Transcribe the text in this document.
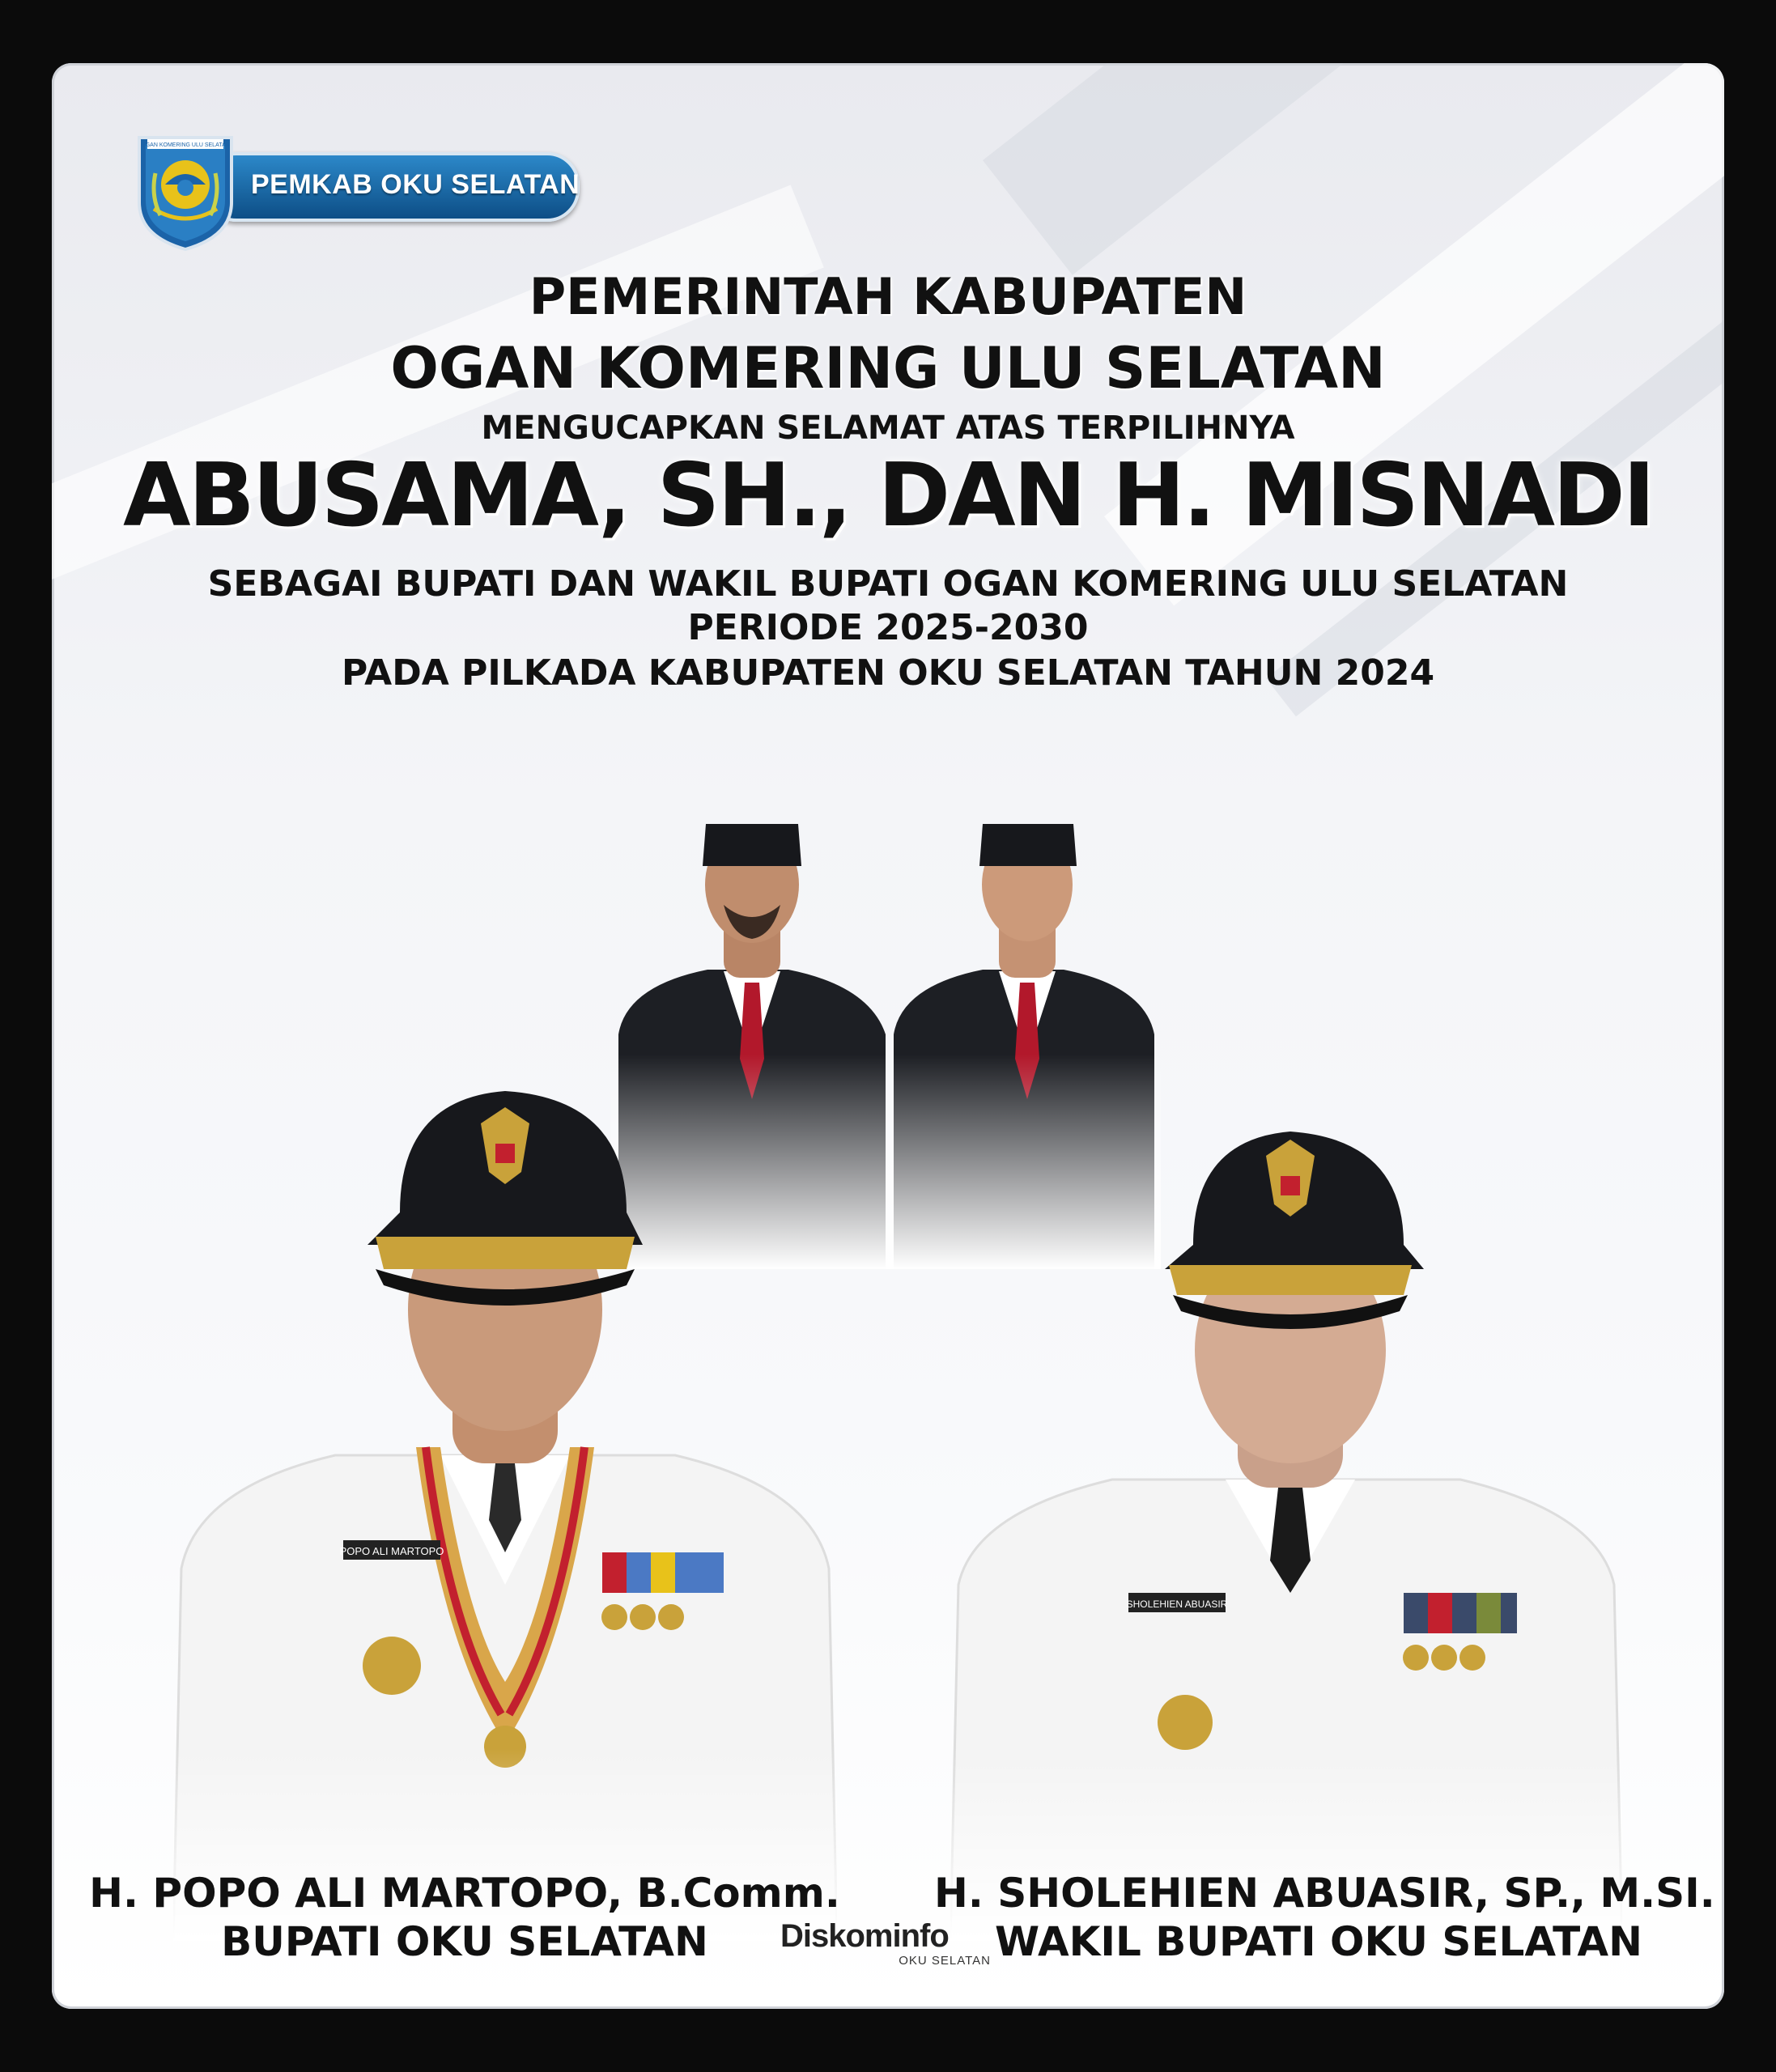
PEMKAB OKU SELATAN
OGAN KOMERING ULU SELATAN
PEMERINTAH KABUPATEN
OGAN KOMERING ULU SELATAN
MENGUCAPKAN SELAMAT ATAS TERPILIHNYA
ABUSAMA, SH., DAN H. MISNADI
SEBAGAI BUPATI DAN WAKIL BUPATI OGAN KOMERING ULU SELATAN
PERIODE 2025-2030
PADA PILKADA KABUPATEN OKU SELATAN TAHUN 2024
H. POPO ALI MARTOPO, B.Comm.
BUPATI OKU SELATAN
H. SHOLEHIEN ABUASIR, SP., M.SI.
WAKIL BUPATI OKU SELATAN
Diskominfo
OKU SELATAN
